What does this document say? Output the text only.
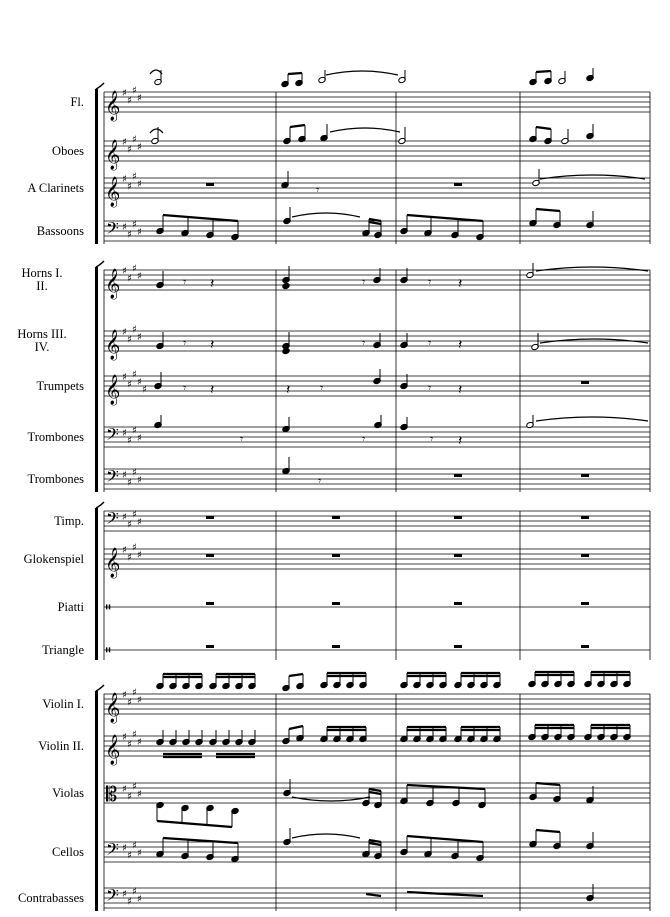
𝄞 ♯
♯
♯
♯
𝄞 ♯
♯
♯
♯
𝄞 ♯
♯
♯
♯
𝄢 ♯
♯
♯
♯
𝄞 ♯
♯
♯
♯
𝄞 ♯
♯
♯
♯
𝄞 ♯
♯
♯
♯
♯
𝄢 ♯
♯
♯
♯
𝄢 ♯
♯
♯
♯
𝄢 ♯
♯
♯
♯
𝄞 ♯
♯
♯
♯
𝄥
𝄥
𝄞 ♯
♯
♯
♯
𝄞 ♯
♯
♯
♯
𝄡 ♯
♯
♯
♯
𝄢 ♯
♯
♯
♯
𝄢 ♯
♯
♯
♯
𝄾
𝄾 𝄽	𝄾	𝄾 𝄽
𝄾 𝄽	𝄾	𝄾 𝄽
𝄾 𝄽	𝄽 𝄾	𝄾 𝄽
𝄾	𝄾	𝄾 𝄽
𝄾
Fl.
Oboes
A Clarinets
Bassoons
Horns I.
II.
Horns III.
IV.
Trumpets
Trombones
Trombones
Timp.
Glokenspiel
Piatti
Triangle
Violin I.
Violin II.
Violas
Cellos
Contrabasses
